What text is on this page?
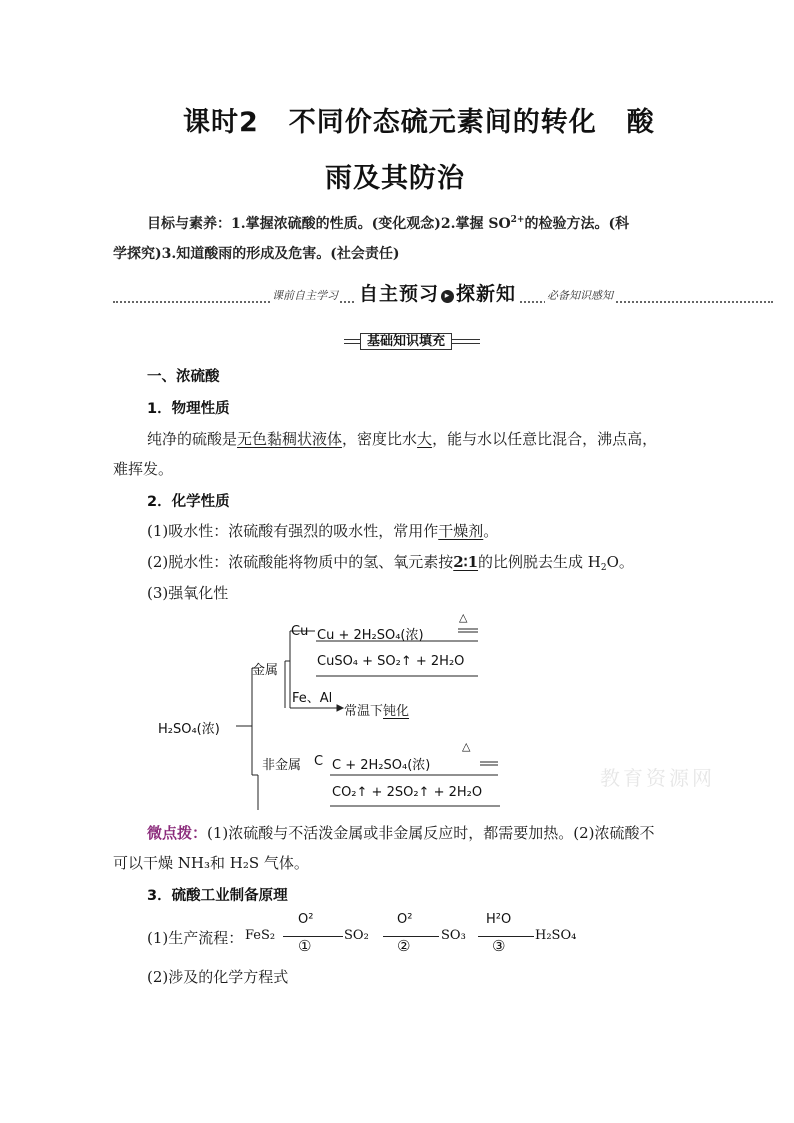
课时2 不同价态硫元素间的转化 酸
雨及其防治
目标与素养：1.掌握浓硫酸的性质。(变化观念)2.掌握 $SO^{2+}$的检验方法。(科
学探究)3.知道酸雨的形成及危害。(社会责任)
课前自主学习 自主预习 ▸ 探新知	必备知识感知
基础知识填充
一、浓硫酸
1．物理性质
纯净的硫酸是无色黏稠状液体，密度比水大，能与水以任意比混合，沸点高，
难挥发。
2．化学性质
(1)吸水性：浓硫酸有强烈的吸水性，常用作干燥剂。
(2)脱水性：浓硫酸能将物质中的氢、氧元素按2∶1的比例脱去生成 $H_2O$。
(3)强氧化性
H₂SO₄(浓)
金属
非金属
Cu Cu + 2H₂SO₄(浓)
△
CuSO₄ + SO₂↑ + 2H₂O
Fe、Al
常温下钝化
C C + 2H₂SO₄(浓)
△
CO₂↑ + 2SO₂↑ + 2H₂O
教育资源网
微点拨：(1)浓硫酸与不活泼金属或非金属反应时，都需要加热。(2)浓硫酸不
可以干燥 NH₃和 H₂S 气体。
3．硫酸工业制备原理
(1)生产流程： FeS₂
O²
①
SO₂
O²
②
SO₃
H²O
③
H₂SO₄
(2)涉及的化学方程式
